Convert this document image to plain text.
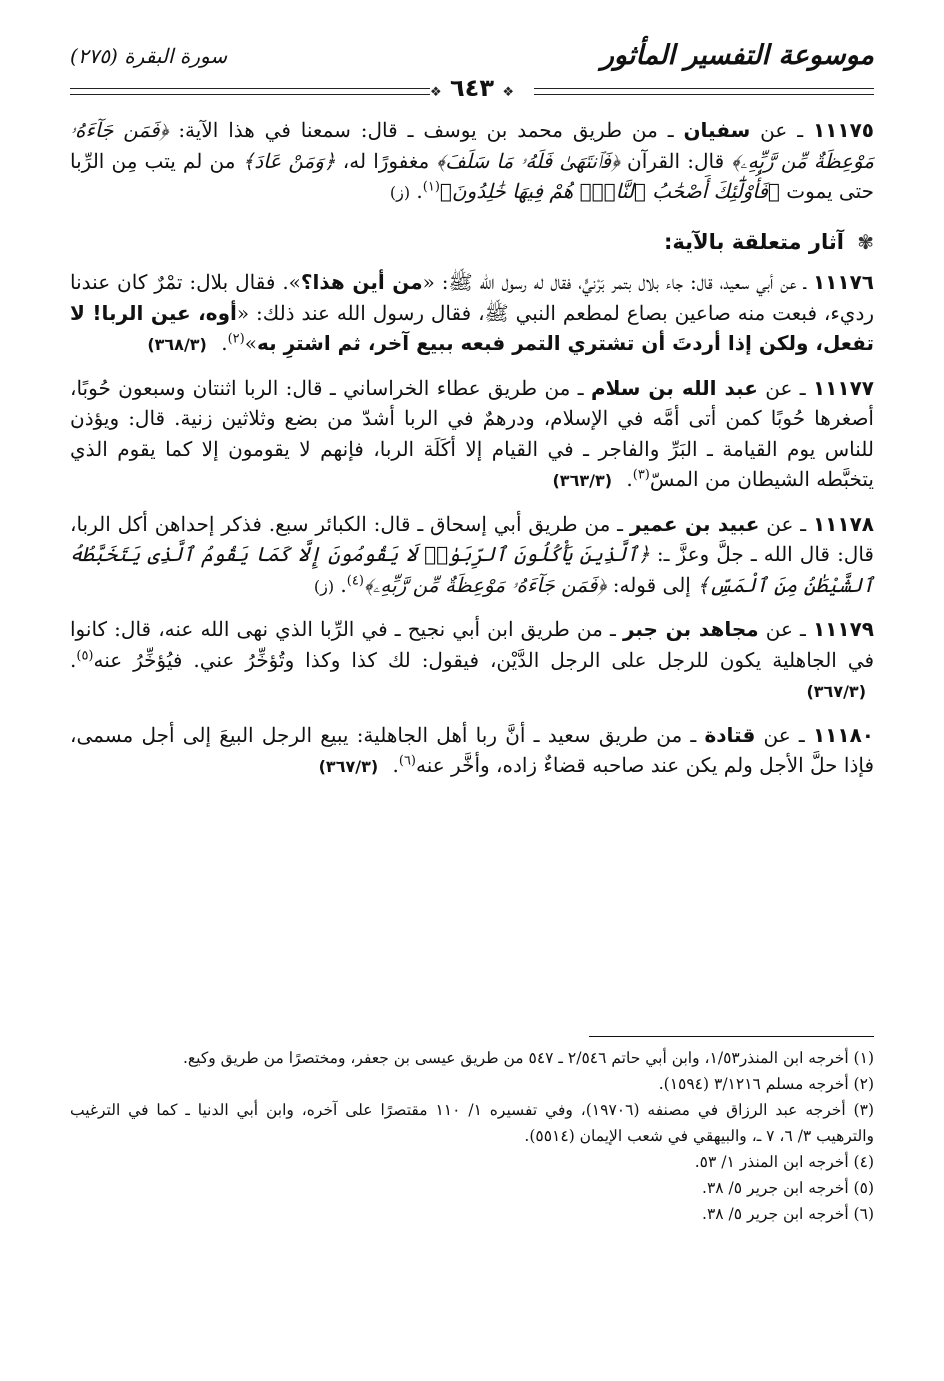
موسوعة التفسير المأثور
سورة البقرة (٢٧٥)
❖ ٦٤٣ ❖

١١١٧٥ ـ عن سفيان ـ من طريق محمد بن يوسف ـ قال: سمعنا في هذا الآية: ﴿فَمَن جَآءَهُۥ مَوْعِظَةٌ مِّن رَّبِّهِۦ﴾ قال: القرآن ﴿فَٱنتَهَىٰ فَلَهُۥ مَا سَلَفَ﴾ مغفورًا له، ﴿وَمَنْ عَادَ﴾ من لم يتب مِن الرِّبا حتى يموت ﴿فَأُوْلَٰٓئِكَ أَصْحَٰبُ ٱلنَّارِۖ هُمْ فِيهَا خَٰلِدُونَ﴾$^{(١)}$. (ز)

✾ آثار متعلقة بالآية:

١١١٧٦ ـ عن أبي سعيد، قال: جاء بلال بتمر بَرْنيٍّ، فقال له رسول الله ﷺ: «من أين هذا؟». فقال بلال: تمْرٌ كان عندنا رديء، فبعت منه صاعين بصاع لمطعم النبي ﷺ، فقال رسول الله عند ذلك: «أوه، عين الربا! لا تفعل، ولكن إذا أردتَ أن تشتري التمر فبعه ببيع آخر، ثم اشترِ به»$^{(٢)}$. (٣٦٨/٣)

١١١٧٧ ـ عن عبد الله بن سلام ـ من طريق عطاء الخراساني ـ قال: الربا اثنتان وسبعون حُوبًا، أصغرها حُوبًا كمن أتى أمَّه في الإسلام، ودرهمٌ في الربا أشدّ من بضع وثلاثين زنية. قال: ويؤذن للناس يوم القيامة ـ البَرِّ والفاجر ـ في القيام إلا أكَلَة الربا، فإنهم لا يقومون إلا كما يقوم الذي يتخبَّطه الشيطان من المسّ$^{(٣)}$. (٣٦٣/٣)

١١١٧٨ ـ عن عبيد بن عمير ـ من طريق أبي إسحاق ـ قال: الكبائر سبع. فذكر إحداهن أكل الربا، قال: قال الله ـ جلَّ وعزَّ ـ: ﴿ٱلَّذِينَ يَأْكُلُونَ ٱلرِّبَوٰا۟ لَا يَقُومُونَ إِلَّا كَمَا يَقُومُ ٱلَّذِى يَتَخَبَّطُهُ ٱلشَّيْطَٰنُ مِنَ ٱلْمَسِّ﴾ إلى قوله: ﴿فَمَن جَآءَهُۥ مَوْعِظَةٌ مِّن رَّبِّهِۦ﴾$^{(٤)}$. (ز)

١١١٧٩ ـ عن مجاهد بن جبر ـ من طريق ابن أبي نجيح ـ في الرِّبا الذي نهى الله عنه، قال: كانوا في الجاهلية يكون للرجل على الرجل الدَّيْن، فيقول: لك كذا وكذا وتُؤخِّرُ عني. فيُؤخِّرُ عنه$^{(٥)}$. (٣٦٧/٣)

١١١٨٠ ـ عن قتادة ـ من طريق سعيد ـ أنَّ ربا أهل الجاهلية: يبيع الرجل البيعَ إلى أجل مسمى، فإذا حلَّ الأجل ولم يكن عند صاحبه قضاءٌ زاده، وأخَّر عنه$^{(٦)}$. (٣٦٧/٣)

(١) أخرجه ابن المنذر١/٥٣، وابن أبي حاتم ٢/٥٤٦ ـ ٥٤٧ من طريق عيسى بن جعفر، ومختصرًا من طريق وكيع.

(٢) أخرجه مسلم ٣/١٢١٦ (١٥٩٤).

(٣) أخرجه عبد الرزاق في مصنفه (١٩٧٠٦)، وفي تفسيره ١/ ١١٠ مقتصرًا على آخره، وابن أبي الدنيا ـ كما في الترغيب والترهيب ٣/ ٦، ٧ ـ، والبيهقي في شعب الإيمان (٥٥١٤).

(٤) أخرجه ابن المنذر ١/ ٥٣.

(٥) أخرجه ابن جرير ٥/ ٣٨.

(٦) أخرجه ابن جرير ٥/ ٣٨.
